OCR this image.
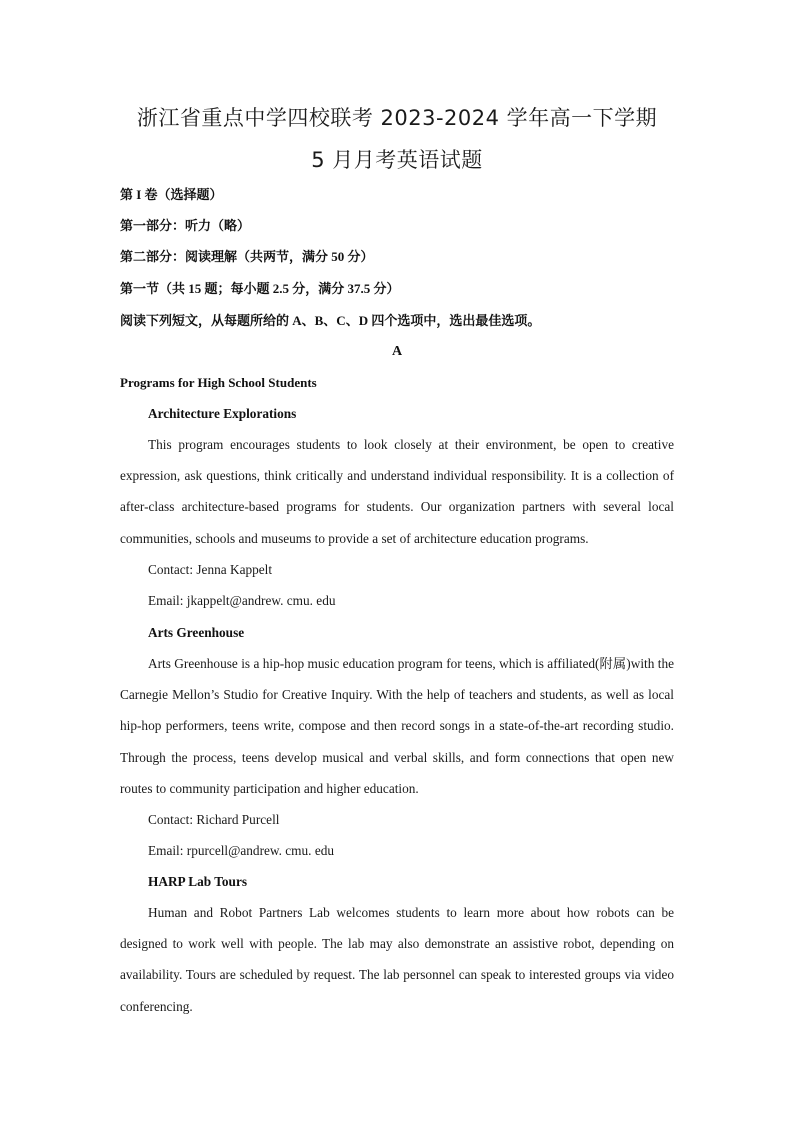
浙江省重点中学四校联考 2023-2024 学年高一下学期
5 月月考英语试题
第 I 卷（选择题）
第一部分：听力（略）
第二部分：阅读理解（共两节，满分 50 分）
第一节（共 15 题；每小题 2.5 分，满分 37.5 分）
阅读下列短文，从每题所给的 A、B、C、D 四个选项中，选出最佳选项。
A
Programs for High School Students
Architecture Explorations
This program encourages students to look closely at their environment, be open to creative expression, ask questions, think critically and understand individual responsibility. It is a collection of after-class architecture-based programs for students. Our organization partners with several local communities, schools and museums to provide a set of architecture education programs.
Contact: Jenna Kappelt
Email: jkappelt@andrew. cmu. edu
Arts Greenhouse
Arts Greenhouse is a hip-hop music education program for teens, which is affiliated(附属)with the Carnegie Mellon’s Studio for Creative Inquiry. With the help of teachers and students, as well as local hip-hop performers, teens write, compose and then record songs in a state-of-the-art recording studio. Through the process, teens develop musical and verbal skills, and form connections that open new routes to community participation and higher education.
Contact: Richard Purcell
Email: rpurcell@andrew. cmu. edu
HARP Lab Tours
Human and Robot Partners Lab welcomes students to learn more about how robots can be designed to work well with people. The lab may also demonstrate an assistive robot, depending on availability. Tours are scheduled by request. The lab personnel can speak to interested groups via video conferencing.
